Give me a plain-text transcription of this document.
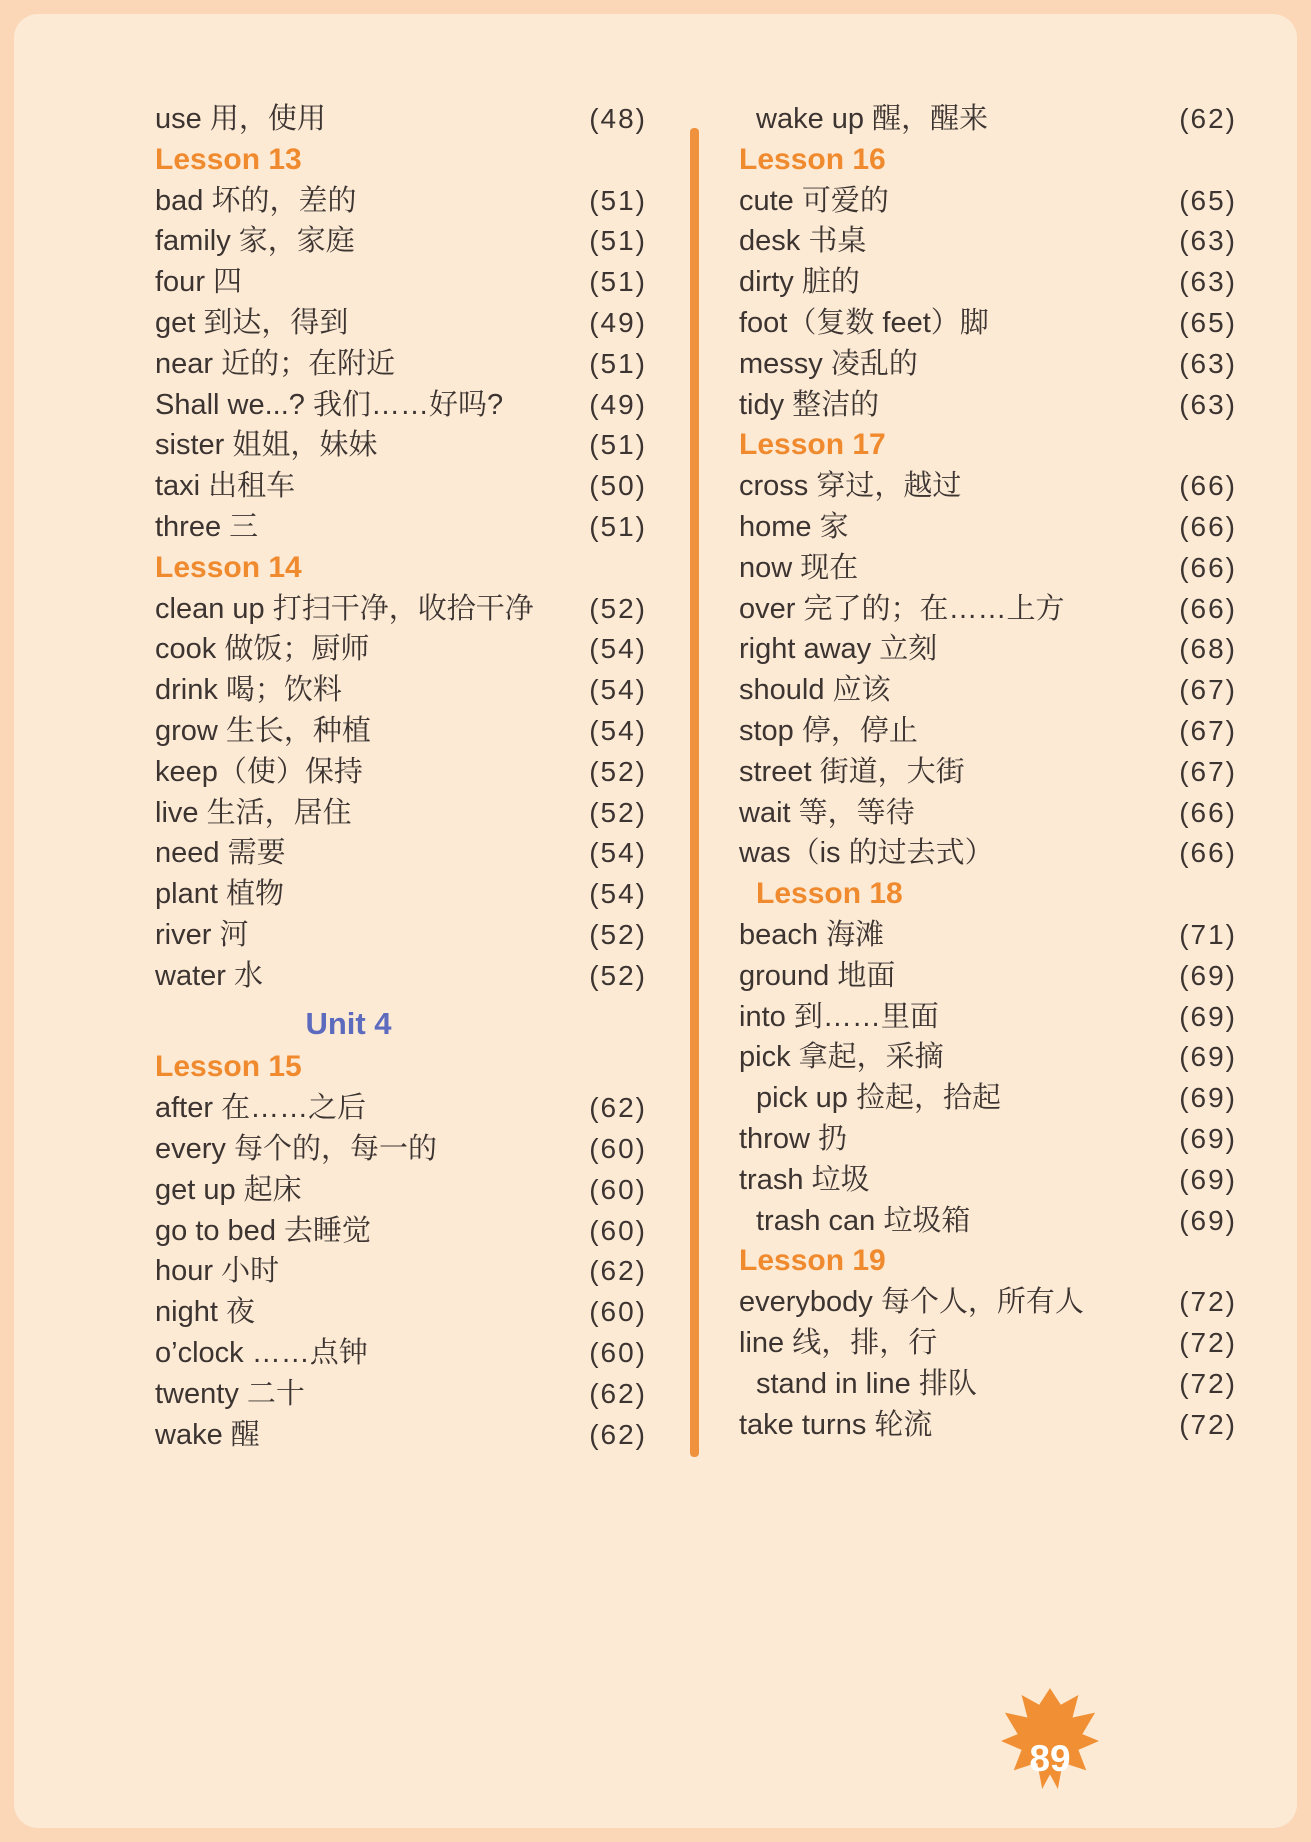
use 用，使用	(48)
Lesson 13
bad 坏的，差的	(51)
family 家，家庭	(51)
four 四	(51)
get 到达，得到	(49)
near 近的；在附近	(51)
Shall we...? 我们……好吗?	(49)
sister 姐姐，妹妹	(51)
taxi 出租车	(50)
three 三	(51)
Lesson 14
clean up 打扫干净，收拾干净 (52)
cook 做饭；厨师	(54)
drink 喝；饮料	(54)
grow 生长，种植	(54)
keep（使）保持	(52)
live 生活，居住	(52)
need 需要	(54)
plant 植物	(54)
river 河	(52)
water 水	(52)
Unit 4
Lesson 15
after 在……之后	(62)
every 每个的，每一的	(60)
get up 起床	(60)
go to bed 去睡觉	(60)
hour 小时	(62)
night 夜	(60)
o’clock ……点钟	(60)
twenty 二十	(62)
wake 醒	(62)
wake up 醒，醒来	(62)
Lesson 16
cute 可爱的	(65)
desk 书桌	(63)
dirty 脏的	(63)
foot（复数 feet）脚	(65)
messy 凌乱的	(63)
tidy 整洁的	(63)
Lesson 17
cross 穿过，越过	(66)
home 家	(66)
now 现在	(66)
over 完了的；在……上方	(66)
right away 立刻	(68)
should 应该	(67)
stop 停，停止	(67)
street 街道，大街	(67)
wait 等，等待	(66)
was（is 的过去式）	(66)
Lesson 18
beach 海滩	(71)
ground 地面	(69)
into 到……里面	(69)
pick 拿起，采摘	(69)
pick up 捡起，拾起	(69)
throw 扔	(69)
trash 垃圾	(69)
trash can 垃圾箱	(69)
Lesson 19
everybody 每个人，所有人	(72)
line 线，排，行	(72)
stand in line 排队	(72)
take turns 轮流	(72)
89
